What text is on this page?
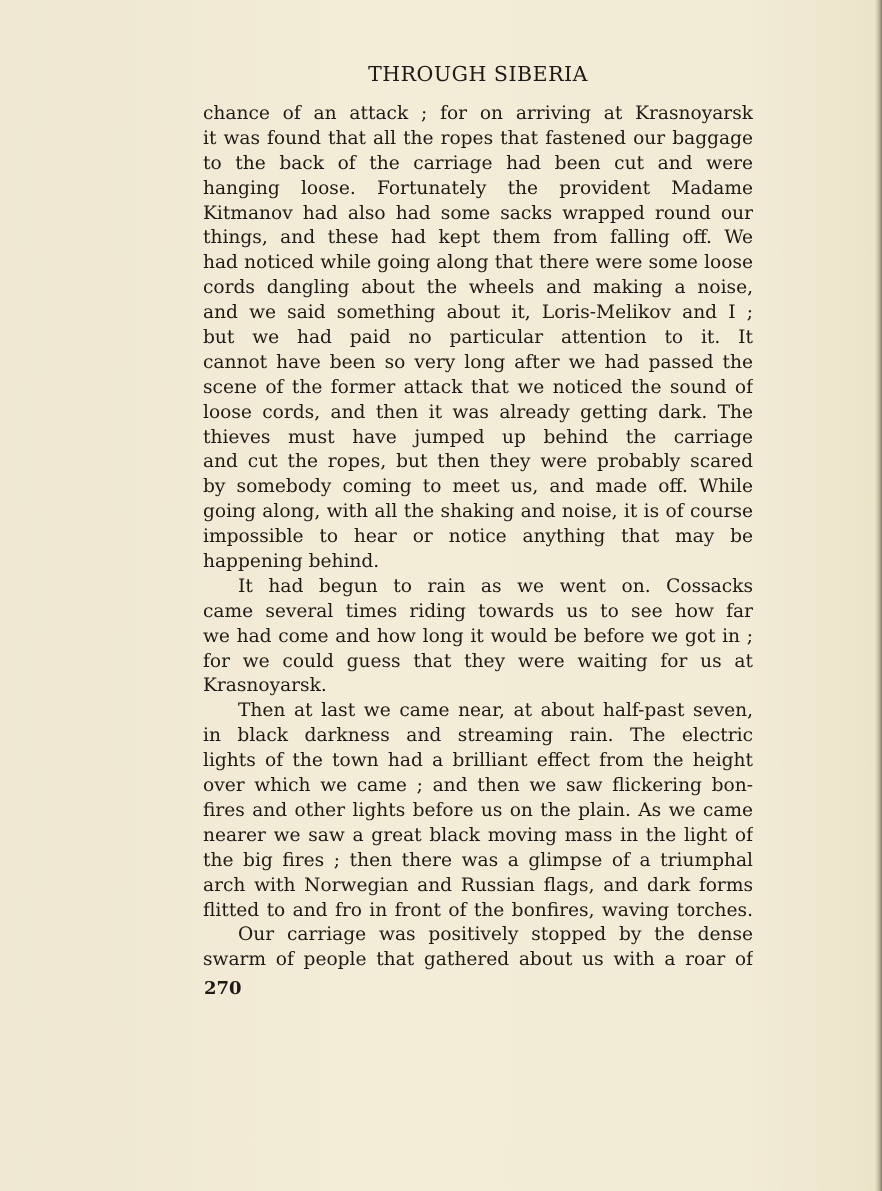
THROUGH SIBERIA
chance of an attack ; for on arriving at Krasnoyarsk
it was found that all the ropes that fastened our baggage
to the back of the carriage had been cut and were
hanging loose. Fortunately the provident Madame
Kitmanov had also had some sacks wrapped round our
things, and these had kept them from falling off. We
had noticed while going along that there were some loose
cords dangling about the wheels and making a noise,
and we said something about it, Loris-Melikov and I ;
but we had paid no particular attention to it. It
cannot have been so very long after we had passed the
scene of the former attack that we noticed the sound of
loose cords, and then it was already getting dark. The
thieves must have jumped up behind the carriage
and cut the ropes, but then they were probably scared
by somebody coming to meet us, and made off. While
going along, with all the shaking and noise, it is of course
impossible to hear or notice anything that may be
happening behind.
It had begun to rain as we went on. Cossacks
came several times riding towards us to see how far
we had come and how long it would be before we got in ;
for we could guess that they were waiting for us at
Krasnoyarsk.
Then at last we came near, at about half-past seven,
in black darkness and streaming rain. The electric
lights of the town had a brilliant effect from the height
over which we came ; and then we saw flickering bon-
fires and other lights before us on the plain. As we came
nearer we saw a great black moving mass in the light of
the big fires ; then there was a glimpse of a triumphal
arch with Norwegian and Russian flags, and dark forms
flitted to and fro in front of the bonfires, waving torches.
Our carriage was positively stopped by the dense
swarm of people that gathered about us with a roar of
270
